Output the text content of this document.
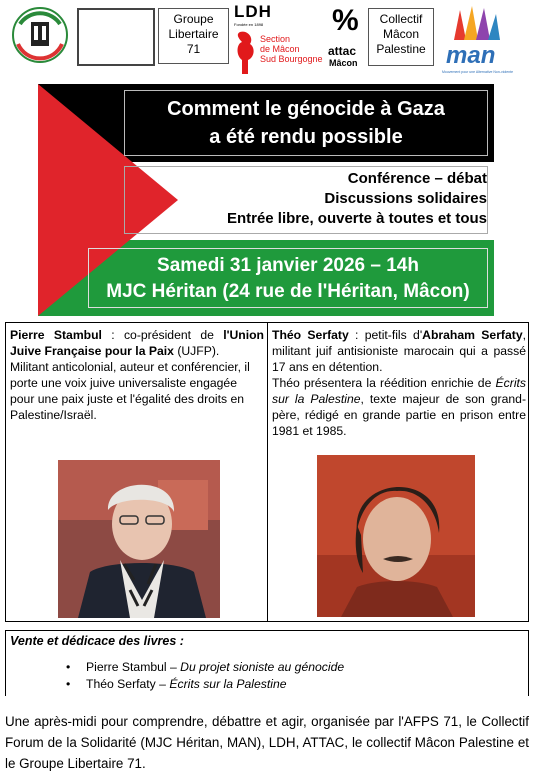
Groupe
Libertaire
71
LDH
Fondée en 1898
Section
de Mâcon
Sud Bourgogne
%
attac
Mâcon
Collectif
Mâcon
Palestine man
Mouvement pour une Alternative Non-violente
Comment le génocide à Gaza
a été rendu possible
Conférence – débat
Discussions solidaires
Entrée libre, ouverte à toutes et tous
Samedi 31 janvier 2026 – 14h
MJC Héritan (24 rue de l'Héritan, Mâcon)
Pierre Stambul : co-président de l'Union Juive Française pour la Paix (UJFP).
Militant anticolonial, auteur et conférencier, il porte une voix juive universaliste engagée pour une paix juste et l'égalité des droits en Palestine/Israël.
Théo Serfaty : petit-fils d'Abraham Serfaty, militant juif antisioniste marocain qui a passé 17 ans en détention.
Théo présentera la réédition enrichie de Écrits sur la Palestine, texte majeur de son grand-père, rédigé en grande partie en prison entre 1981 et 1985.
Vente et dédicace des livres :
• Pierre Stambul – Du projet sioniste au génocide
• Théo Serfaty – Écrits sur la Palestine
Une après-midi pour comprendre, débattre et agir, organisée par l'AFPS 71, le Collectif Forum de la Solidarité (MJC Héritan, MAN), LDH, ATTAC, le collectif Mâcon Palestine et le Groupe Libertaire 71.
